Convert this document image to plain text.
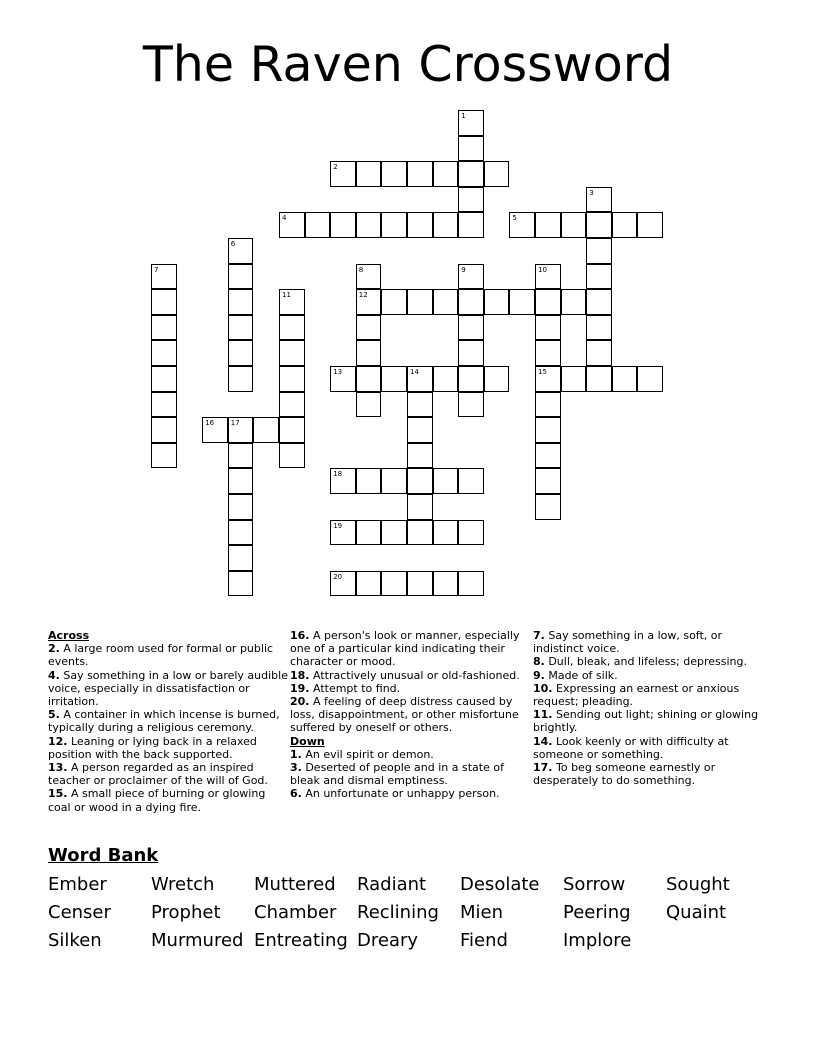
The Raven Crossword
1
2
3
4	5
6
7	8
12
9	10
15
11
13	14
16 17
18
19
20

Across

2. A large room used for formal or public events.

4. Say something in a low or barely audible voice, especially in dissatisfaction or irritation.

5. A container in which incense is burned, typically during a religious ceremony.

12. Leaning or lying back in a relaxed position with the back supported.

13. A person regarded as an inspired teacher or proclaimer of the will of God.

15. A small piece of burning or glowing coal or wood in a dying fire.

16. A person's look or manner, especially one of a particular kind indicating their character or mood.

18. Attractively unusual or old-fashioned.

19. Attempt to find.

20. A feeling of deep distress caused by loss, disappointment, or other misfortune suffered by oneself or others.

Down

1. An evil spirit or demon.

3. Deserted of people and in a state of bleak and dismal emptiness.

6. An unfortunate or unhappy person.

7. Say something in a low, soft, or indistinct voice.

8. Dull, bleak, and lifeless; depressing.

9. Made of silk.

10. Expressing an earnest or anxious request; pleading.

11. Sending out light; shining or glowing brightly.

14. Look keenly or with difficulty at someone or something.

17. To beg someone earnestly or desperately to do something.

Word Bank
Ember Wretch Muttered Radiant Desolate Sorrow Sought
Censer Prophet Chamber Reclining Mien	Peering Quaint
Silken	Murmured Entreating Dreary Fiend	Implore
